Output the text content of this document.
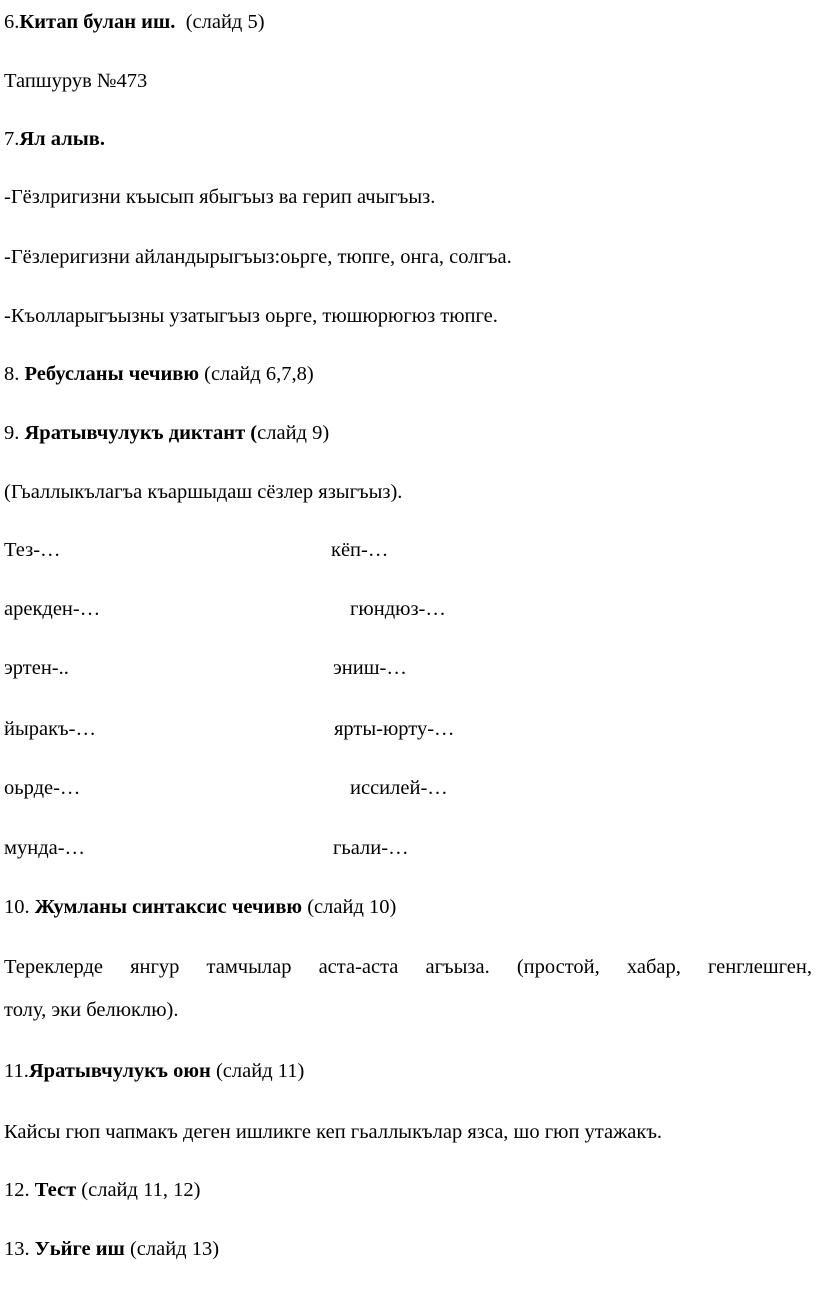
6.Китап булан иш.  (слайд 5)
Тапшурув №473
7.Ял алыв.
-Гёзлригизни къысып ябыгъыз ва герип ачыгъыз.
-Гёзлеригизни айландырыгъыз:оьрге, тюпге, онга, солгъа.
-Къолларыгъызны узатыгъыз оьрге, тюшюрюгюз тюпге.
8. Ребусланы чечивю (слайд 6,7,8)
9. Яратывчулукъ диктант (слайд 9)
(Гьаллыкълагъа къаршыдаш сёзлер языгъыз).
Тез-…	кёп-…
арекден-…	гюндюз-…
эртен-..	эниш-…
йыракъ-…	ярты-юрту-…
оьрде-…	иссилей-…
мунда-…	гьали-…
10. Жумланы синтаксис чечивю (слайд 10)
Тереклерде янгур тамчылар аста-аста агъыза. (простой, хабар, генглешген,
толу, эки белюклю).
11.Яратывчулукъ оюн (слайд 11)
Кайсы гюп чапмакъ деген ишликге кеп гьаллыкълар язса, шо гюп утажакъ.
12. Тест (слайд 11, 12)
13. Уьйге иш (слайд 13)
